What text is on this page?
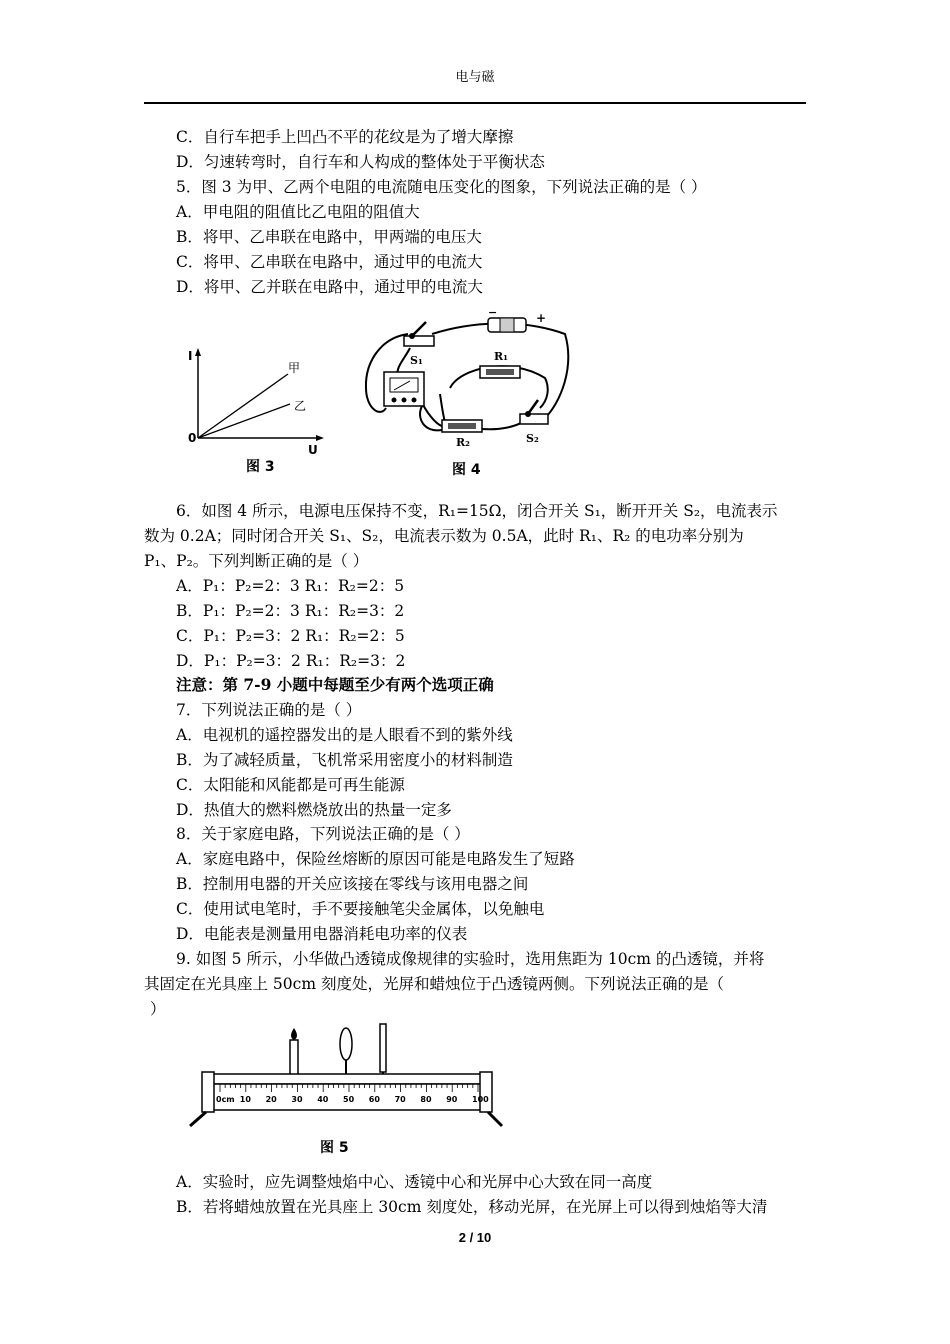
电与磁
C．自行车把手上凹凸不平的花纹是为了增大摩擦
D．匀速转弯时，自行车和人构成的整体处于平衡状态
5．图 3 为甲、乙两个电阻的电流随电压变化的图象，下列说法正确的是（ ）
A．甲电阻的阻值比乙电阻的阻值大
B．将甲、乙串联在电路中，甲两端的电压大
C．将甲、乙串联在电路中，通过甲的电流大
D．将甲、乙并联在电路中，通过甲的电流大
I
U
0
甲
乙
图 3
−	+
S₁	R₁
R₂	S₂
图 4
6．如图 4 所示，电源电压保持不变，R₁=15Ω，闭合开关 S₁，断开开关 S₂，电流表示
数为 0.2A；同时闭合开关 S₁、S₂，电流表示数为 0.5A，此时 R₁、R₂ 的电功率分别为
P₁、P₂。下列判断正确的是（ ）
A．P₁：P₂=2：3 R₁：R₂=2：5
B．P₁：P₂=2：3 R₁：R₂=3：2
C．P₁：P₂=3：2 R₁：R₂=2：5
D．P₁：P₂=3：2 R₁：R₂=3：2
注意：第 7-9 小题中每题至少有两个选项正确
7．下列说法正确的是（ ）
A．电视机的遥控器发出的是人眼看不到的紫外线
B．为了减轻质量，飞机常采用密度小的材料制造
C．太阳能和风能都是可再生能源
D．热值大的燃料燃烧放出的热量一定多
8．关于家庭电路，下列说法正确的是（ ）
A．家庭电路中，保险丝熔断的原因可能是电路发生了短路
B．控制用电器的开关应该接在零线与该用电器之间
C．使用试电笔时，手不要接触笔尖金属体，以免触电
D．电能表是测量用电器消耗电功率的仪表
9. 如图 5 所示，小华做凸透镜成像规律的实验时，选用焦距为 10cm 的凸透镜，并将
其固定在光具座上 50cm 刻度处，光屏和蜡烛位于凸透镜两侧。下列说法正确的是（
）
0cm 10 20 30 40 50 60 70 80 90 100
图 5
A．实验时，应先调整烛焰中心、透镜中心和光屏中心大致在同一高度
B．若将蜡烛放置在光具座上 30cm 刻度处，移动光屏，在光屏上可以得到烛焰等大清
2 / 10
